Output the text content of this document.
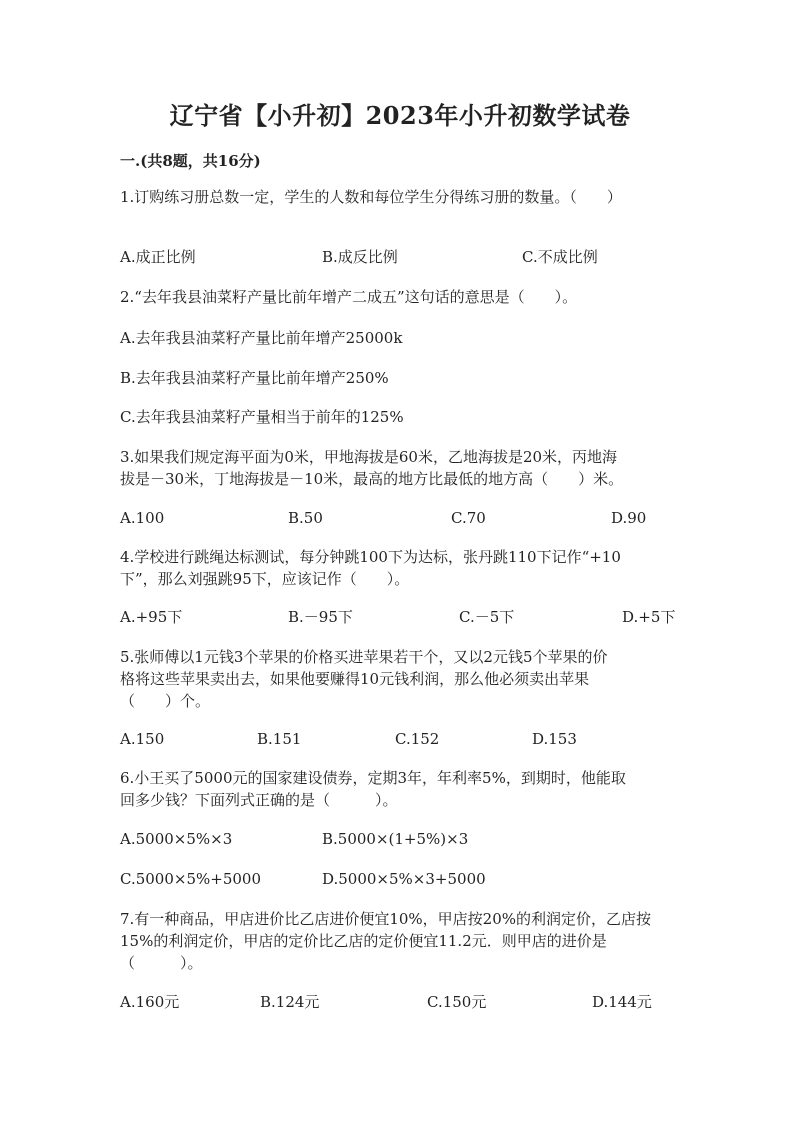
辽宁省【小升初】2023年小升初数学试卷
一.(共8题，共16分)
1.订购练习册总数一定，学生的人数和每位学生分得练习册的数量。（　　）
A.成正比例	B.成反比例	C.不成比例
2.“去年我县油菜籽产量比前年增产二成五”这句话的意思是（　　）。
A.去年我县油菜籽产量比前年增产25000k
B.去年我县油菜籽产量比前年增产250%
C.去年我县油菜籽产量相当于前年的125%
3.如果我们规定海平面为0米，甲地海拔是60米，乙地海拔是20米，丙地海
拔是－30米，丁地海拔是－10米，最高的地方比最低的地方高（　　）米。
A.100	B.50	C.70	D.90
4.学校进行跳绳达标测试，每分钟跳100下为达标，张丹跳110下记作“+10
下”，那么刘强跳95下，应该记作（　　）。
A.+95下	B.－95下	C.－5下	D.+5下
5.张师傅以1元钱3个苹果的价格买进苹果若干个，又以2元钱5个苹果的价
格将这些苹果卖出去，如果他要赚得10元钱利润，那么他必须卖出苹果
（　　）个。
A.150	B.151	C.152	D.153
6.小王买了5000元的国家建设债券，定期3年，年利率5%，到期时，他能取
回多少钱？下面列式正确的是（　　　）。
A.5000×5%×3	B.5000×(1+5%)×3
C.5000×5%+5000	D.5000×5%×3+5000
7.有一种商品，甲店进价比乙店进价便宜10%，甲店按20%的利润定价，乙店按
15%的利润定价，甲店的定价比乙店的定价便宜11.2元．则甲店的进价是
（　　　）。
A.160元	B.124元	C.150元	D.144元
